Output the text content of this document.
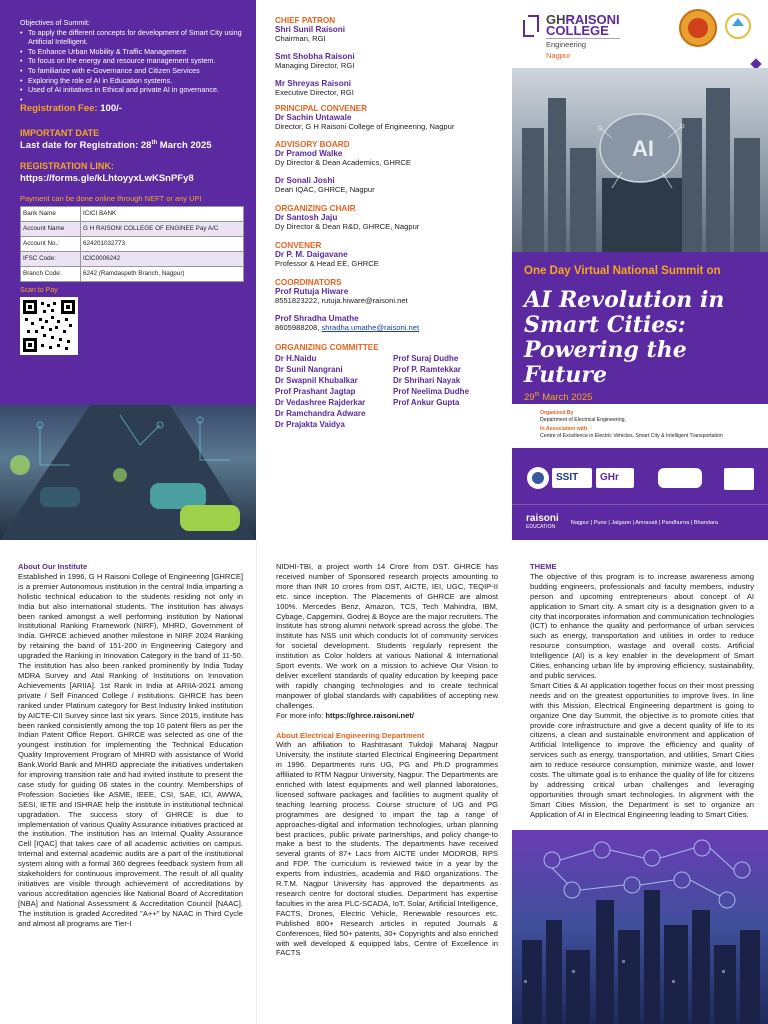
Objectives of Summit:
• To apply the different concepts for development of Smart City using Artificial Intelligent.
• To Enhance Urban Mobility & Traffic Management
• To focus on the energy and resource management system.
• To familiarize with e-Governance and Citizen Services
• Exploring the role of AI in Education systems.
• Used of AI initiatives in Ethical and private AI in governance.
Registration Fee: 100/-
IMPORTANT DATE
Last date for Registration: 28th March 2025
REGISTRATION LINK:
https://forms.gle/kLhtoyyxLwKSnPFy8
Payment can be done online through NEFT or any UPI
Bank Name	ICICI BANK
Account Name	G H RAISONI COLLEGE OF ENGINEE Pay A/C
Account No.:	624201032773
IFSC Code:	ICIC0006242
Branch Code:	6242 (Ramdaspeth Branch, Nagpur)
Scan to Pay
CHIEF PATRON
Shri Sunil Raisoni
Chairman, RGI
Smt Shobha Raisoni
Managing Director, RGI
Mr Shreyas Raisoni
Executive Director, RGI
PRINCIPAL CONVENER
Dr Sachin Untawale
Director, G H Raisoni College of Engineering, Nagpur
ADVISORY BOARD
Dr Pramod Walke
Dy Director & Dean Academics, GHRCE
Dr Sonali Joshi
Dean IQAC, GHRCE, Nagpur
ORGANIZING CHAIR
Dr Santosh Jaju
Dy Director & Dean R&D, GHRCE, Nagpur
CONVENER
Dr P. M. Daigavane
Professor & Head EE, GHRCE
COORDINATORS
Prof Rutuja Hiware
8551823222, rutuja.hiware@raisoni.net
Prof Shradha Umathe
8605988208, shradha.umathe@raisoni.net
ORGANIZING COMMITTEE
Dr H.Naidu
Dr Sunil Nangrani
Dr Swapnil Khubalkar
Prof Prashant Jagtap
Dr Vedashree Rajderkar
Dr Ramchandra Adware
Dr Prajakta Vaidya
Prof Suraj Dudhe
Prof P. Ramtekkar
Dr Shrihari Nayak
Prof Neelima Dudhe
Prof Ankur Gupta
GHRAISONI
COLLEGE
Engineering
Nagpur
AI
One Day Virtual National Summit on
AI Revolution in Smart Cities: Powering the Future
29th March 2025
Organized By
Department of Electrical Engineering,
In Association with
Centre of Excellence in Electric Vehicles, Smart City & Intelligent Transportation
SSIT GHr
raisoni
EDUCATION
Nagpur | Pune | Jalgaon | Amravati | Pandhurna | Bhandara
About Our Institute
Established in 1996, G H Raisoni College of Engineering [GHRCE] is a premier Autonomous institution in the central India imparting a holistic technical education to the students residing not only in India but also international students. The institution has always been ranked amongst a well performing institution by National Institutional Ranking Framework (NIRF), MHRD, Government of India. GHRCE achieved another milestone in NIRF 2024 Ranking by retaining the band of 151-200 in Engineering Category and upgraded the Ranking in Innovation Category in the band of 11-50. The institution has also been ranked prominently by India Today MDRA Survey and Atal Ranking of Institutions on Innovation Achievements [ARIIA]. 1st Rank in India at ARIIA-2021 among private / Self Financed College / institutions. GHRCE has been ranked under Platinum category for Best Industry linked institution by AICTE-CII Survey since last six years. Since 2015, institute has been ranked consistently among the top 10 patent filers as per the Indian Patent Office Report. GHRCE was selected as one of the youngest institution for implementing the Technical Education Quality Improvement Program of MHRD with assistance of World Bank.World Bank and MHRD appreciate the initiatives undertaken for improving transition rate and had invited institute to present the case study for guiding 06 states in the country. Memberships of Profession Societies like ASME, IEEE, CSI, SAE, ICI, AWWA, SESI, IETE and ISHRAE help the institute in institutional technical upgradation. The success story of GHRCE is due to implementation of various Quality Assurance initiatives practiced at the institution. The institution has an Internal Quality Assurance Cell [IQAC] that takes care of all academic activities on campus. Internal and external academic audits are a part of the institutional system along with a formal 360 degrees feedback system from all stakeholders for continuous improvement. The result of all quality initiatives are visible through achievement of accreditations by various accreditation agencies like National Board of Accreditation [NBA] and National Assessment & Accreditation Council [NAAC]. The institution is graded Accredited "A++" by NAAC in Third Cycle and almost all programs are Tier-I
NIDHI-TBI, a project worth 14 Crore from DST. GHRCE has received number of Sponsored research projects amounting to more than INR 10 crores from DST, AICTE, IEI, UGC, TEQIP-II etc. since inception. The Placements of GHRCE are almost 100%. Mercedes Benz, Amazon, TCS, Tech Mahindra, IBM, Cybage, Capgemini, Godrej & Boyce are the major recruiters. The Institute has strong alumni network spread across the globe. The Institute has NSS unit which conducts lot of community services for societal development. Students regularly represent the institution as Color holders at various National & International Sport events. We work on a mission to achieve Our Vision to deliver excellent standards of quality education by keeping pace with rapidly changing technologies and to create technical manpower of global standards with capabilities of accepting new challenges.
For more info: https://ghrce.raisoni.net/
About Electrical Engineering Department
With an affiliation to Rashtrasant Tukdoji Maharaj Nagpur University, the institute started Electrical Engineering Department in 1996. Departments runs UG, PG and Ph.D programmes affiliated to RTM Nagpur University, Nagpur. The Departments are enriched with latest equipments and well planned laboratories, licensed software packages and facilities to augment quality of teaching learning process. Course structure of UG and PG programmes are designed to impart the tap a range of approaches-digital and information technologies, urban planning best practices, public private partnerships, and policy change-to make a best to the students. The departments have received several grants of 87+ Lacs from AICTE under MODROB, RPS and FDP. The curriculum is reviewed twice in a year by the experts from industries, academia and R&D organizations. The R.T.M. Nagpur University has approved the departments as research centre for doctoral studies. Department has expertise faculties in the area PLC-SCADA, IoT, Solar, Artificial Intelligence, FACTS, Drones, Electric Vehicle, Renewable resources etc. Published 800+ Research articles in reputed Journals & Conferences, filed 50+ patents, 30+ Copyrights and also enriched with well developed & equipped labs, Centre of Excellence in FACTS
THEME
The objective of this program is to increase awareness among budding engineers, professionals and faculty members, industry person and upcoming entrepreneurs about concept of AI application to Smart city. A smart city is a designation given to a city that incorporates information and communication technologies (ICT) to enhance the quality and performance of urban services such as energy, transportation and utilities in order to reduce resource consumption, wastage and overall costs. Artificial Intelligence (AI) is a key enabler in the development of Smart Cities, enhancing urban life by improving efficiency, sustainability, and public services.
Smart Cities & AI application together focus on their most pressing needs and on the greatest opportunities to improve lives. In line with this Mission, Electrical Engineering department is going to organize One day Summit, the objective is to promote cities that provide core infrastructure and give a decent quality of life to its citizens, a clean and sustainable environment and application of Artificial Intelligence to improve the efficiency and quality of services such as energy, transportation, and utilities, Smart Cities aim to reduce resource consumption, minimize waste, and lower costs. The ultimate goal is to enhance the quality of life for citizens by addressing critical urban challenges and leveraging opportunities through smart technologies. In alignment with the Smart Cities Mission, the Department is set to organize an Application of AI in Electrical Engineering leading to Smart Cities.
